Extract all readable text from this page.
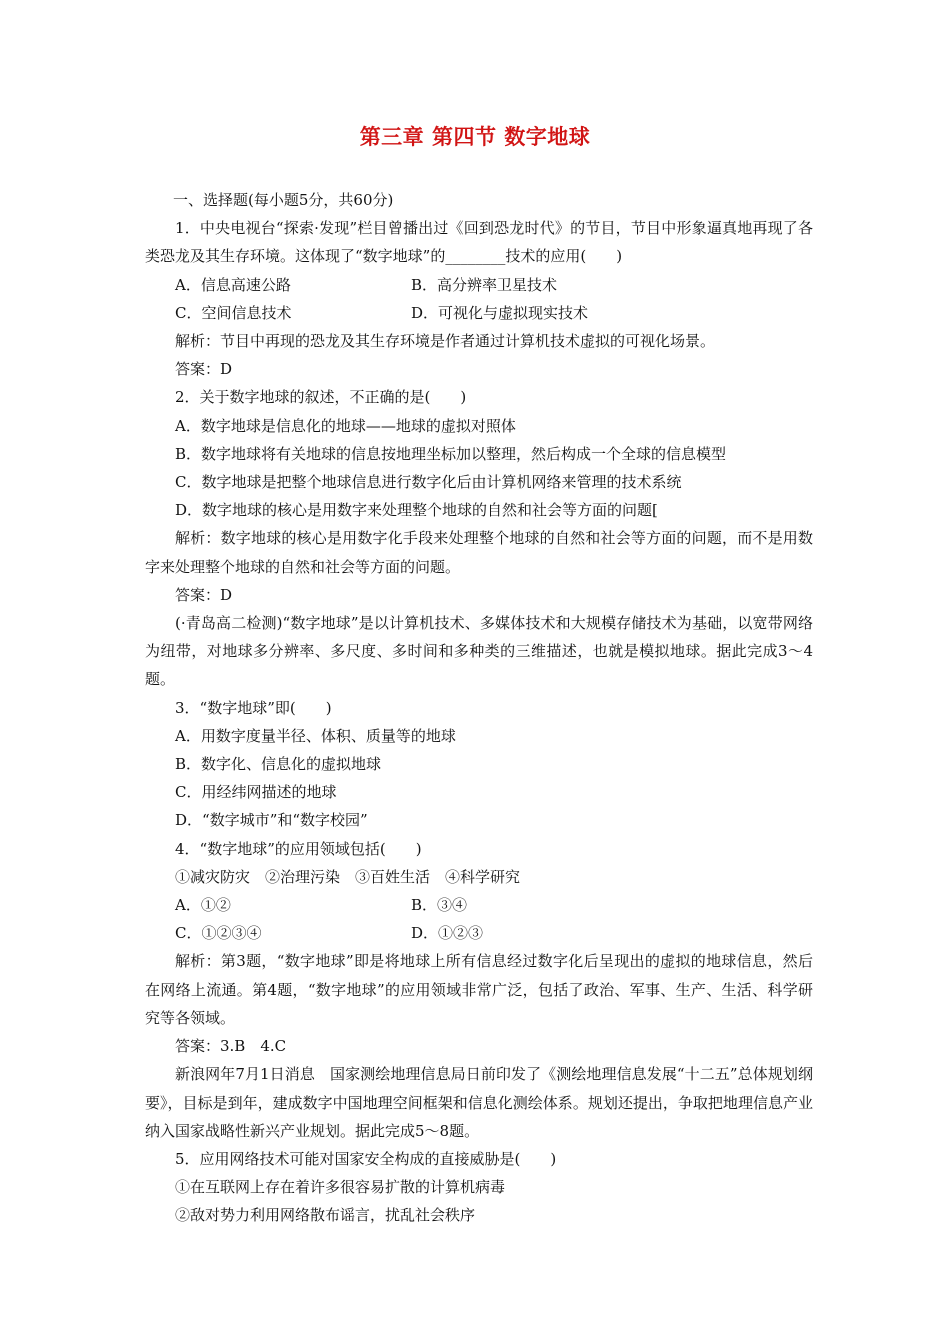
第三章 第四节 数字地球

一、选择题(每小题5分，共60分)

1．中央电视台“探索·发现”栏目曾播出过《回到恐龙时代》的节目，节目中形象逼真地再现了各类恐龙及其生存环境。这体现了“数字地球”的________技术的应用(　　)

A．信息高速公路	B．高分辨率卫星技术
C．空间信息技术	D．可视化与虚拟现实技术

解析：节目中再现的恐龙及其生存环境是作者通过计算机技术虚拟的可视化场景。

答案：D

2．关于数字地球的叙述，不正确的是(　　)

A．数字地球是信息化的地球——地球的虚拟对照体

B．数字地球将有关地球的信息按地理坐标加以整理，然后构成一个全球的信息模型

C．数字地球是把整个地球信息进行数字化后由计算机网络来管理的技术系统

D．数字地球的核心是用数字来处理整个地球的自然和社会等方面的问题[

解析：数字地球的核心是用数字化手段来处理整个地球的自然和社会等方面的问题，而不是用数字来处理整个地球的自然和社会等方面的问题。

答案：D

(·青岛高二检测)“数字地球”是以计算机技术、多媒体技术和大规模存储技术为基础，以宽带网络为纽带，对地球多分辨率、多尺度、多时间和多种类的三维描述，也就是模拟地球。据此完成3～4题。

3．“数字地球”即(　　)

A．用数字度量半径、体积、质量等的地球

B．数字化、信息化的虚拟地球

C．用经纬网描述的地球

D．“数字城市”和“数字校园”

4．“数字地球”的应用领域包括(　　)

①减灾防灾　②治理污染　③百姓生活　④科学研究

A．①②	B．③④
C．①②③④	D．①②③

解析：第3题，“数字地球”即是将地球上所有信息经过数字化后呈现出的虚拟的地球信息，然后在网络上流通。第4题，“数字地球”的应用领域非常广泛，包括了政治、军事、生产、生活、科学研究等各领域。

答案：3.B　4.C

新浪网年7月1日消息　国家测绘地理信息局日前印发了《测绘地理信息发展“十二五”总体规划纲要》，目标是到年，建成数字中国地理空间框架和信息化测绘体系。规划还提出，争取把地理信息产业纳入国家战略性新兴产业规划。据此完成5～8题。

5．应用网络技术可能对国家安全构成的直接威胁是(　　)

①在互联网上存在着许多很容易扩散的计算机病毒

②敌对势力利用网络散布谣言，扰乱社会秩序
